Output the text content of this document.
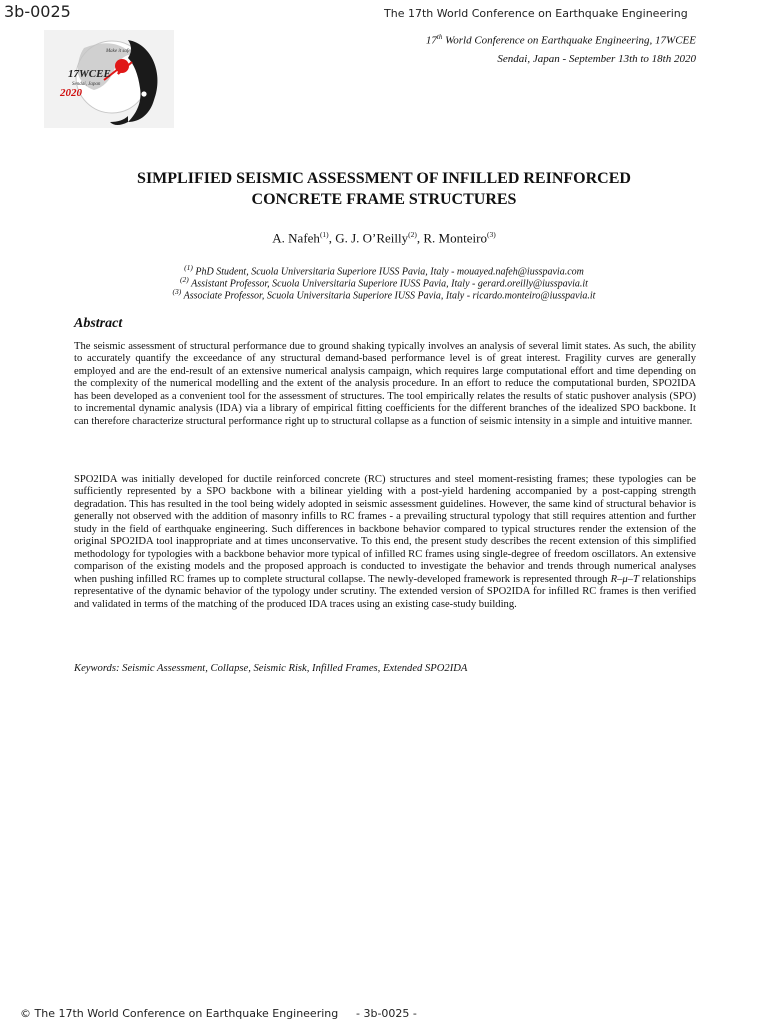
3b-0025	The 17th World Conference on Earthquake Engineering
Make it safer
17WCEE
Sendai, Japan
2020
17th World Conference on Earthquake Engineering, 17WCEE
Sendai, Japan - September 13th to 18th 2020
SIMPLIFIED SEISMIC ASSESSMENT OF INFILLED REINFORCED
CONCRETE FRAME STRUCTURES
A. Nafeh$^{(1)}$, G. J. O’Reilly$^{(2)}$, R. Monteiro$^{(3)}$
$^{(1)}$ PhD Student, Scuola Universitaria Superiore IUSS Pavia, Italy - mouayed.nafeh@iusspavia.com
$^{(2)}$ Assistant Professor, Scuola Universitaria Superiore IUSS Pavia, Italy - gerard.oreilly@iusspavia.it
$^{(3)}$ Associate Professor, Scuola Universitaria Superiore IUSS Pavia, Italy - ricardo.monteiro@iusspavia.it
Abstract
The seismic assessment of structural performance due to ground shaking typically involves an analysis of several limit states. As such, the ability to accurately quantify the exceedance of any structural demand-based performance level is of great interest. Fragility curves are generally employed and are the end-result of an extensive numerical analysis campaign, which requires large computational effort and time depending on the complexity of the numerical modelling and the extent of the analysis procedure. In an effort to reduce the computational burden, SPO2IDA has been developed as a convenient tool for the assessment of structures. The tool empirically relates the results of static pushover analysis (SPO) to incremental dynamic analysis (IDA) via a library of empirical fitting coefficients for the different branches of the idealized SPO backbone. It can therefore characterize structural performance right up to structural collapse as a function of seismic intensity in a simple and intuitive manner.
SPO2IDA was initially developed for ductile reinforced concrete (RC) structures and steel moment-resisting frames; these typologies can be sufficiently represented by a SPO backbone with a bilinear yielding with a post-yield hardening accompanied by a post-capping strength degradation. This has resulted in the tool being widely adopted in seismic assessment guidelines. However, the same kind of structural behavior is generally not observed with the addition of masonry infills to RC frames - a prevailing structural typology that still requires attention and further study in the field of earthquake engineering. Such differences in backbone behavior compared to typical structures render the extension of the original SPO2IDA tool inappropriate and at times unconservative. To this end, the present study describes the recent extension of this simplified methodology for typologies with a backbone behavior more typical of infilled RC frames using single-degree of freedom oscillators. An extensive comparison of the existing models and the proposed approach is conducted to investigate the behavior and trends through numerical analyses when pushing infilled RC frames up to complete structural collapse. The newly-developed framework is represented through R–μ–T relationships representative of the dynamic behavior of the typology under scrutiny. The extended version of SPO2IDA for infilled RC frames is then verified and validated in terms of the matching of the produced IDA traces using an existing case-study building.
Keywords: Seismic Assessment, Collapse, Seismic Risk, Infilled Frames, Extended SPO2IDA
© The 17th World Conference on Earthquake Engineering - 3b-0025 -
